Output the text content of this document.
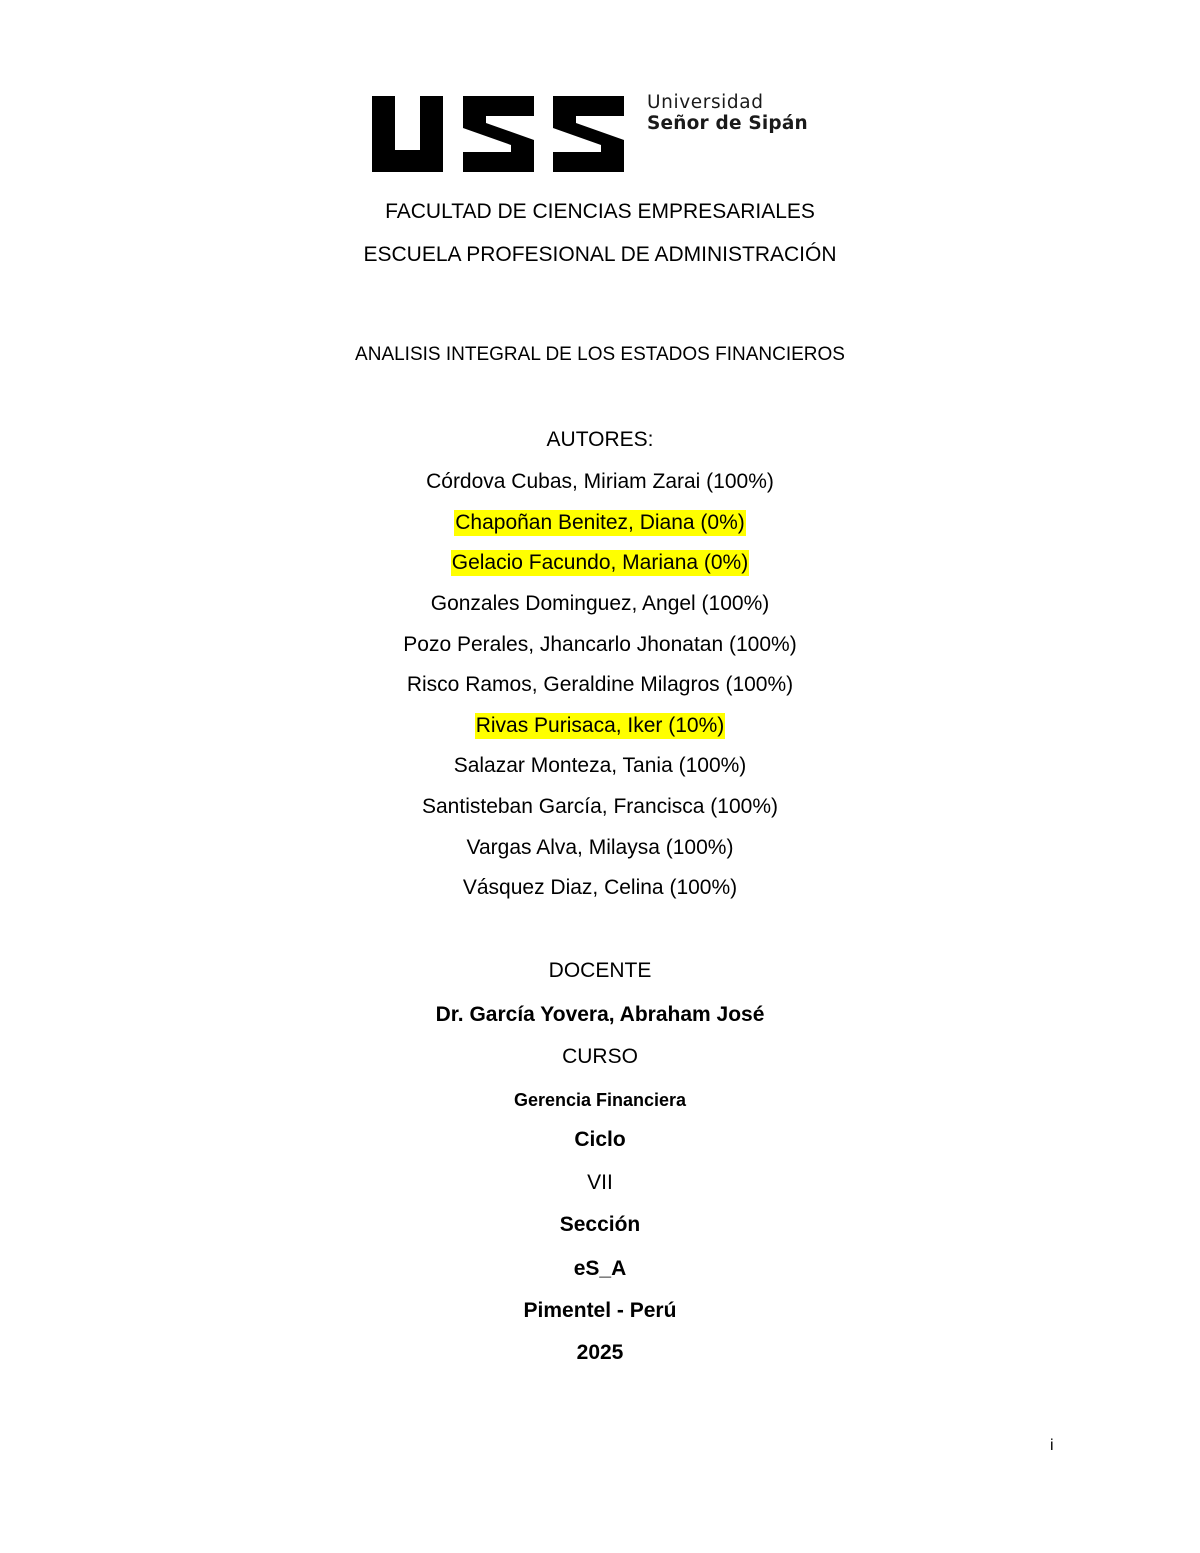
Universidad
Señor de Sipán
FACULTAD DE CIENCIAS EMPRESARIALES
ESCUELA PROFESIONAL DE ADMINISTRACIÓN
ANALISIS INTEGRAL DE LOS ESTADOS FINANCIEROS
AUTORES:
Córdova Cubas, Miriam Zarai (100%)
Chapoñan Benitez, Diana (0%)
Gelacio Facundo, Mariana (0%)
Gonzales Dominguez, Angel (100%)
Pozo Perales, Jhancarlo Jhonatan (100%)
Risco Ramos, Geraldine Milagros (100%)
Rivas Purisaca, Iker (10%)
Salazar Monteza, Tania (100%)
Santisteban García, Francisca (100%)
Vargas Alva, Milaysa (100%)
Vásquez Diaz, Celina (100%)
DOCENTE
Dr. García Yovera, Abraham José
CURSO
Gerencia Financiera
Ciclo
VII
Sección
eS_A
Pimentel - Perú
2025
i
